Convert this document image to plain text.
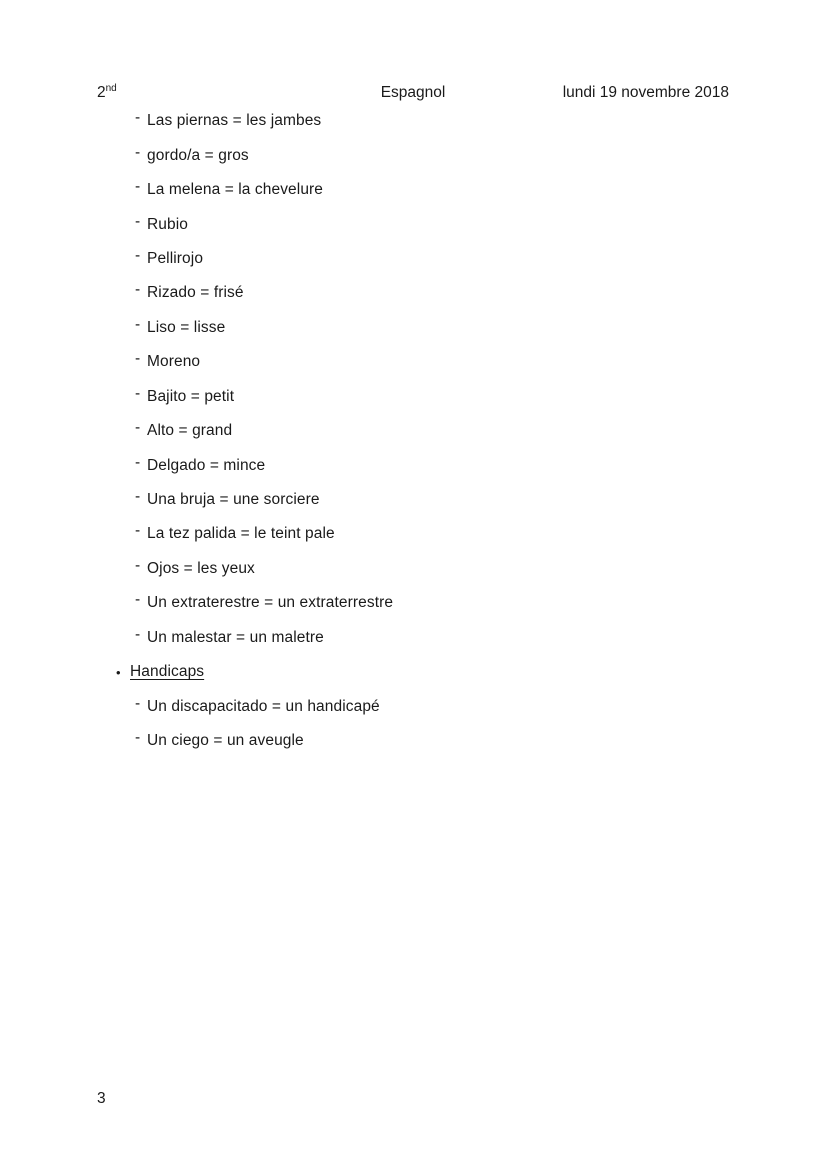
2nd	Espagnol	lundi 19 novembre 2018
- Las piernas = les jambes
- gordo/a = gros
- La melena = la chevelure
- Rubio
- Pellirojo
- Rizado = frisé
- Liso = lisse
- Moreno
- Bajito = petit
- Alto = grand
- Delgado = mince
- Una bruja = une sorciere
- La tez palida = le teint pale
- Ojos = les yeux
- Un extraterestre = un extraterrestre
- Un malestar = un maletre
• Handicaps
- Un discapacitado = un handicapé
- Un ciego = un aveugle
3
